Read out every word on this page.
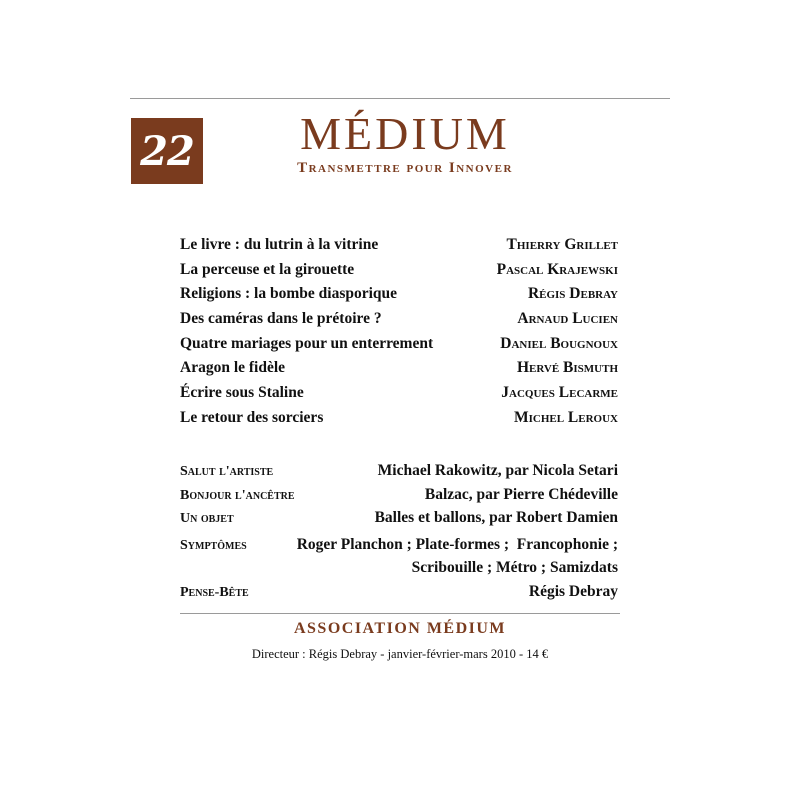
22	MÉDIUM
Transmettre pour Innover
Le livre : du lutrin à la vitrine	Thierry Grillet
La perceuse et la girouette	Pascal Krajewski
Religions : la bombe diasporique	Régis Debray
Des caméras dans le prétoire ?	Arnaud Lucien
Quatre mariages pour un enterrement	Daniel Bougnoux
Aragon le fidèle	Hervé Bismuth
Écrire sous Staline	Jacques Lecarme
Le retour des sorciers	Michel Leroux
Salut l'artiste	Michael Rakowitz, par Nicola Setari
Bonjour l'ancêtre	Balzac, par Pierre Chédeville
Un objet	Balles et ballons, par Robert Damien
Symptômes	Roger Planchon ; Plate-formes ;  Francophonie ;
Scribouille ; Métro ; Samizdats
Pense-Bête	Régis Debray
ASSOCIATION MÉDIUM
Directeur : Régis Debray - janvier-février-mars 2010 - 14 €
